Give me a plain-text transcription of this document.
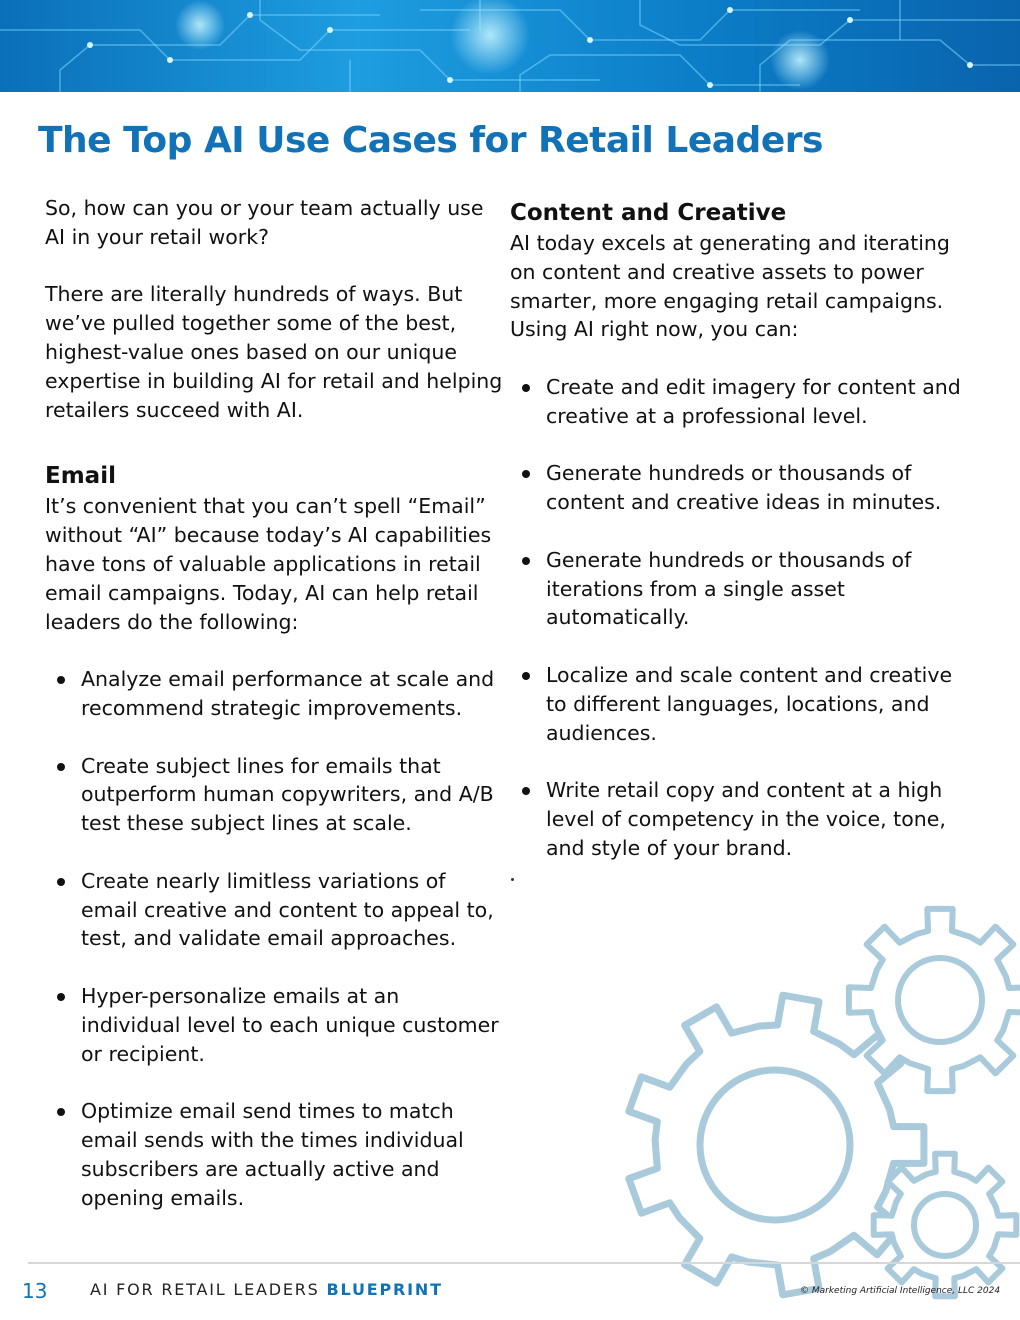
The Top AI Use Cases for Retail Leaders

So, how can you or your team actually use AI in your retail work?

There are literally hundreds of ways. But we’ve pulled together some of the best, highest-value ones based on our unique expertise in building AI for retail and helping retailers succeed with AI.

Email

It’s convenient that you can’t spell “Email” without “AI” because today’s AI capabilities have tons of valuable applications in retail email campaigns. Today, AI can help retail leaders do the following:

Analyze email performance at scale and recommend strategic improvements.
Create subject lines for emails that outperform human copywriters, and A/B test these subject lines at scale.
Create nearly limitless variations of email creative and content to appeal to, test, and validate email approaches.
Hyper-personalize emails at an individual level to each unique customer or recipient.
Optimize email send times to match email sends with the times individual subscribers are actually active and opening emails.
Content and Creative

AI today excels at generating and iterating on content and creative assets to power smarter, more engaging retail campaigns. Using AI right now, you can:

Create and edit imagery for content and creative at a professional level.
Generate hundreds or thousands of content and creative ideas in minutes.
Generate hundreds or thousands of iterations from a single asset automatically.
Localize and scale content and creative to different languages, locations, and audiences.
Write retail copy and content at a high level of competency in the voice, tone, and style of your brand.
13	AI FOR RETAIL LEADERS BLUEPRINT	© Marketing Artificial Intelligence, LLC 2024
